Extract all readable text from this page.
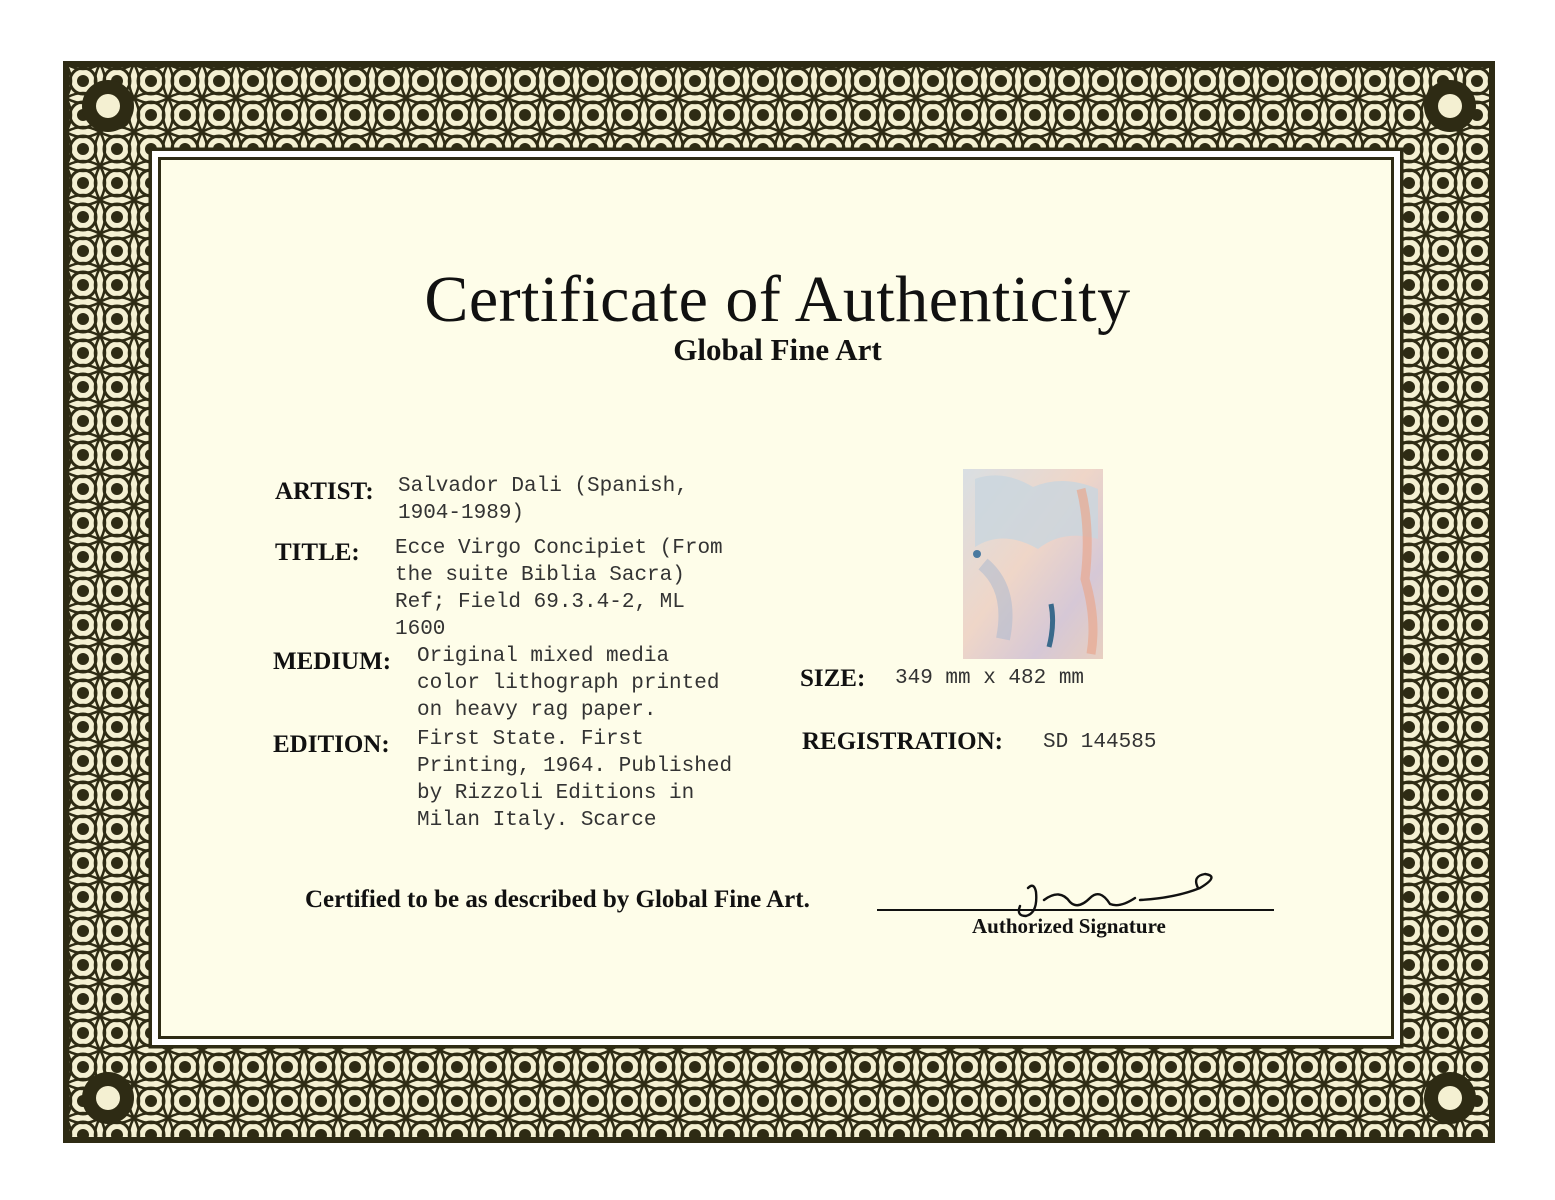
Certificate of Authenticity
Global Fine Art
ARTIST: Salvador Dali (Spanish,
1904-1989)
TITLE: Ecce Virgo Concipiet (From
the suite Biblia Sacra)
Ref; Field 69.3.4-2, ML
1600
MEDIUM: Original mixed media
color lithograph printed
on heavy rag paper.
EDITION: First State. First
Printing, 1964. Published
by Rizzoli Editions in
Milan Italy. Scarce
SIZE: 349 mm x 482 mm
REGISTRATION: SD 144585
Certified to be as described by Global Fine Art.
Authorized Signature
